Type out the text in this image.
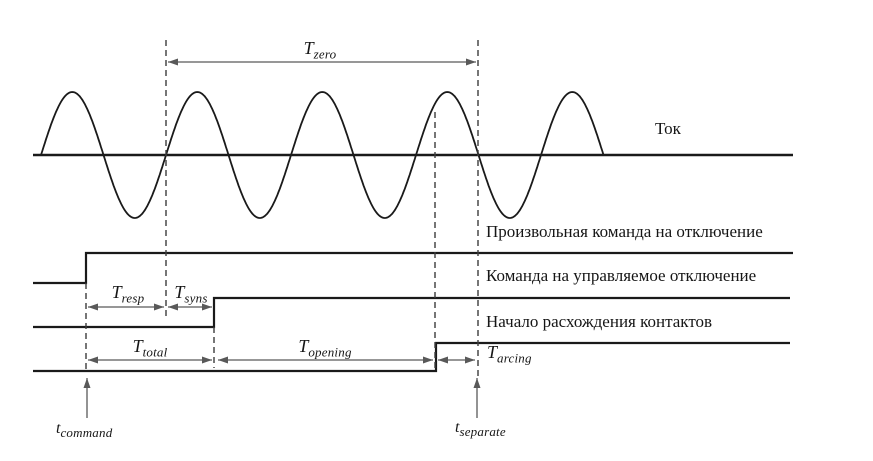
Ток
Произвольная команда на отключение
Команда на управляемое отключение
Начало расхождения контактов
$T_{zero}$
$T_{resp}$ $T_{syns}$
$T_{total}$	$T_{opening}$	$T_{arcing}$
$t_{command}$	$t_{separate}$
